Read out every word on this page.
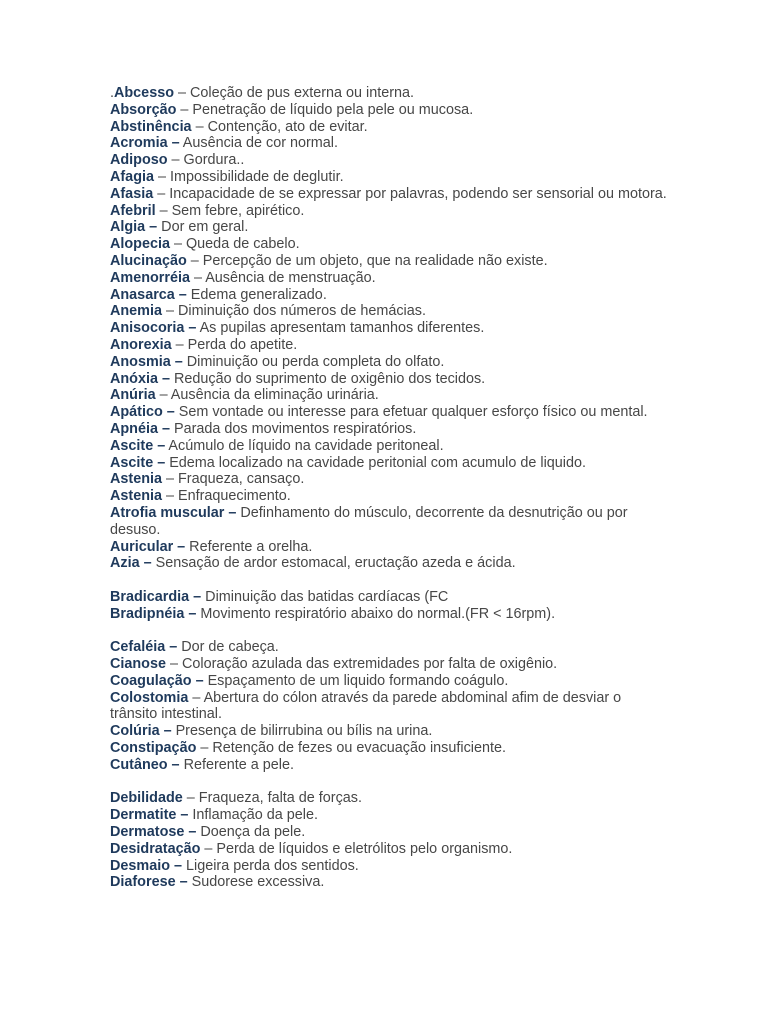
.Abcesso – Coleção de pus externa ou interna.

Absorção – Penetração de líquido pela pele ou mucosa.

Abstinência – Contenção, ato de evitar.

Acromia – Ausência de cor normal.

Adiposo – Gordura..

Afagia – Impossibilidade de deglutir.

Afasia – Incapacidade de se expressar por palavras, podendo ser sensorial ou motora.

Afebril – Sem febre, apirético.

Algia – Dor em geral.

Alopecia – Queda de cabelo.

Alucinação – Percepção de um objeto, que na realidade não existe.

Amenorréia – Ausência de menstruação.

Anasarca – Edema generalizado.

Anemia – Diminuição dos números de hemácias.

Anisocoria – As pupilas apresentam tamanhos diferentes.

Anorexia – Perda do apetite.

Anosmia – Diminuição ou perda completa do olfato.

Anóxia – Redução do suprimento de oxigênio dos tecidos.

Anúria – Ausência da eliminação urinária.

Apático – Sem vontade ou interesse para efetuar qualquer esforço físico ou mental.

Apnéia – Parada dos movimentos respiratórios.

Ascite – Acúmulo de líquido na cavidade peritoneal.

Ascite – Edema localizado na cavidade peritonial com acumulo de liquido.

Astenia – Fraqueza, cansaço.

Astenia – Enfraquecimento.

Atrofia muscular – Definhamento do músculo, decorrente da desnutrição ou por desuso.

Auricular – Referente a orelha.

Azia – Sensação de ardor estomacal, eructação azeda e ácida.

Bradicardia – Diminuição das batidas cardíacas (FC

Bradipnéia – Movimento respiratório abaixo do normal.(FR < 16rpm).

Cefaléia – Dor de cabeça.

Cianose – Coloração azulada das extremidades por falta de oxigênio.

Coagulação – Espaçamento de um liquido formando coágulo.

Colostomia – Abertura do cólon através da parede abdominal afim de desviar o trânsito intestinal.

Colúria – Presença de bilirrubina ou bílis na urina.

Constipação – Retenção de fezes ou evacuação insuficiente.

Cutâneo – Referente a pele.

Debilidade – Fraqueza, falta de forças.

Dermatite – Inflamação da pele.

Dermatose – Doença da pele.

Desidratação – Perda de líquidos e eletrólitos pelo organismo.

Desmaio – Ligeira perda dos sentidos.

Diaforese – Sudorese excessiva.
